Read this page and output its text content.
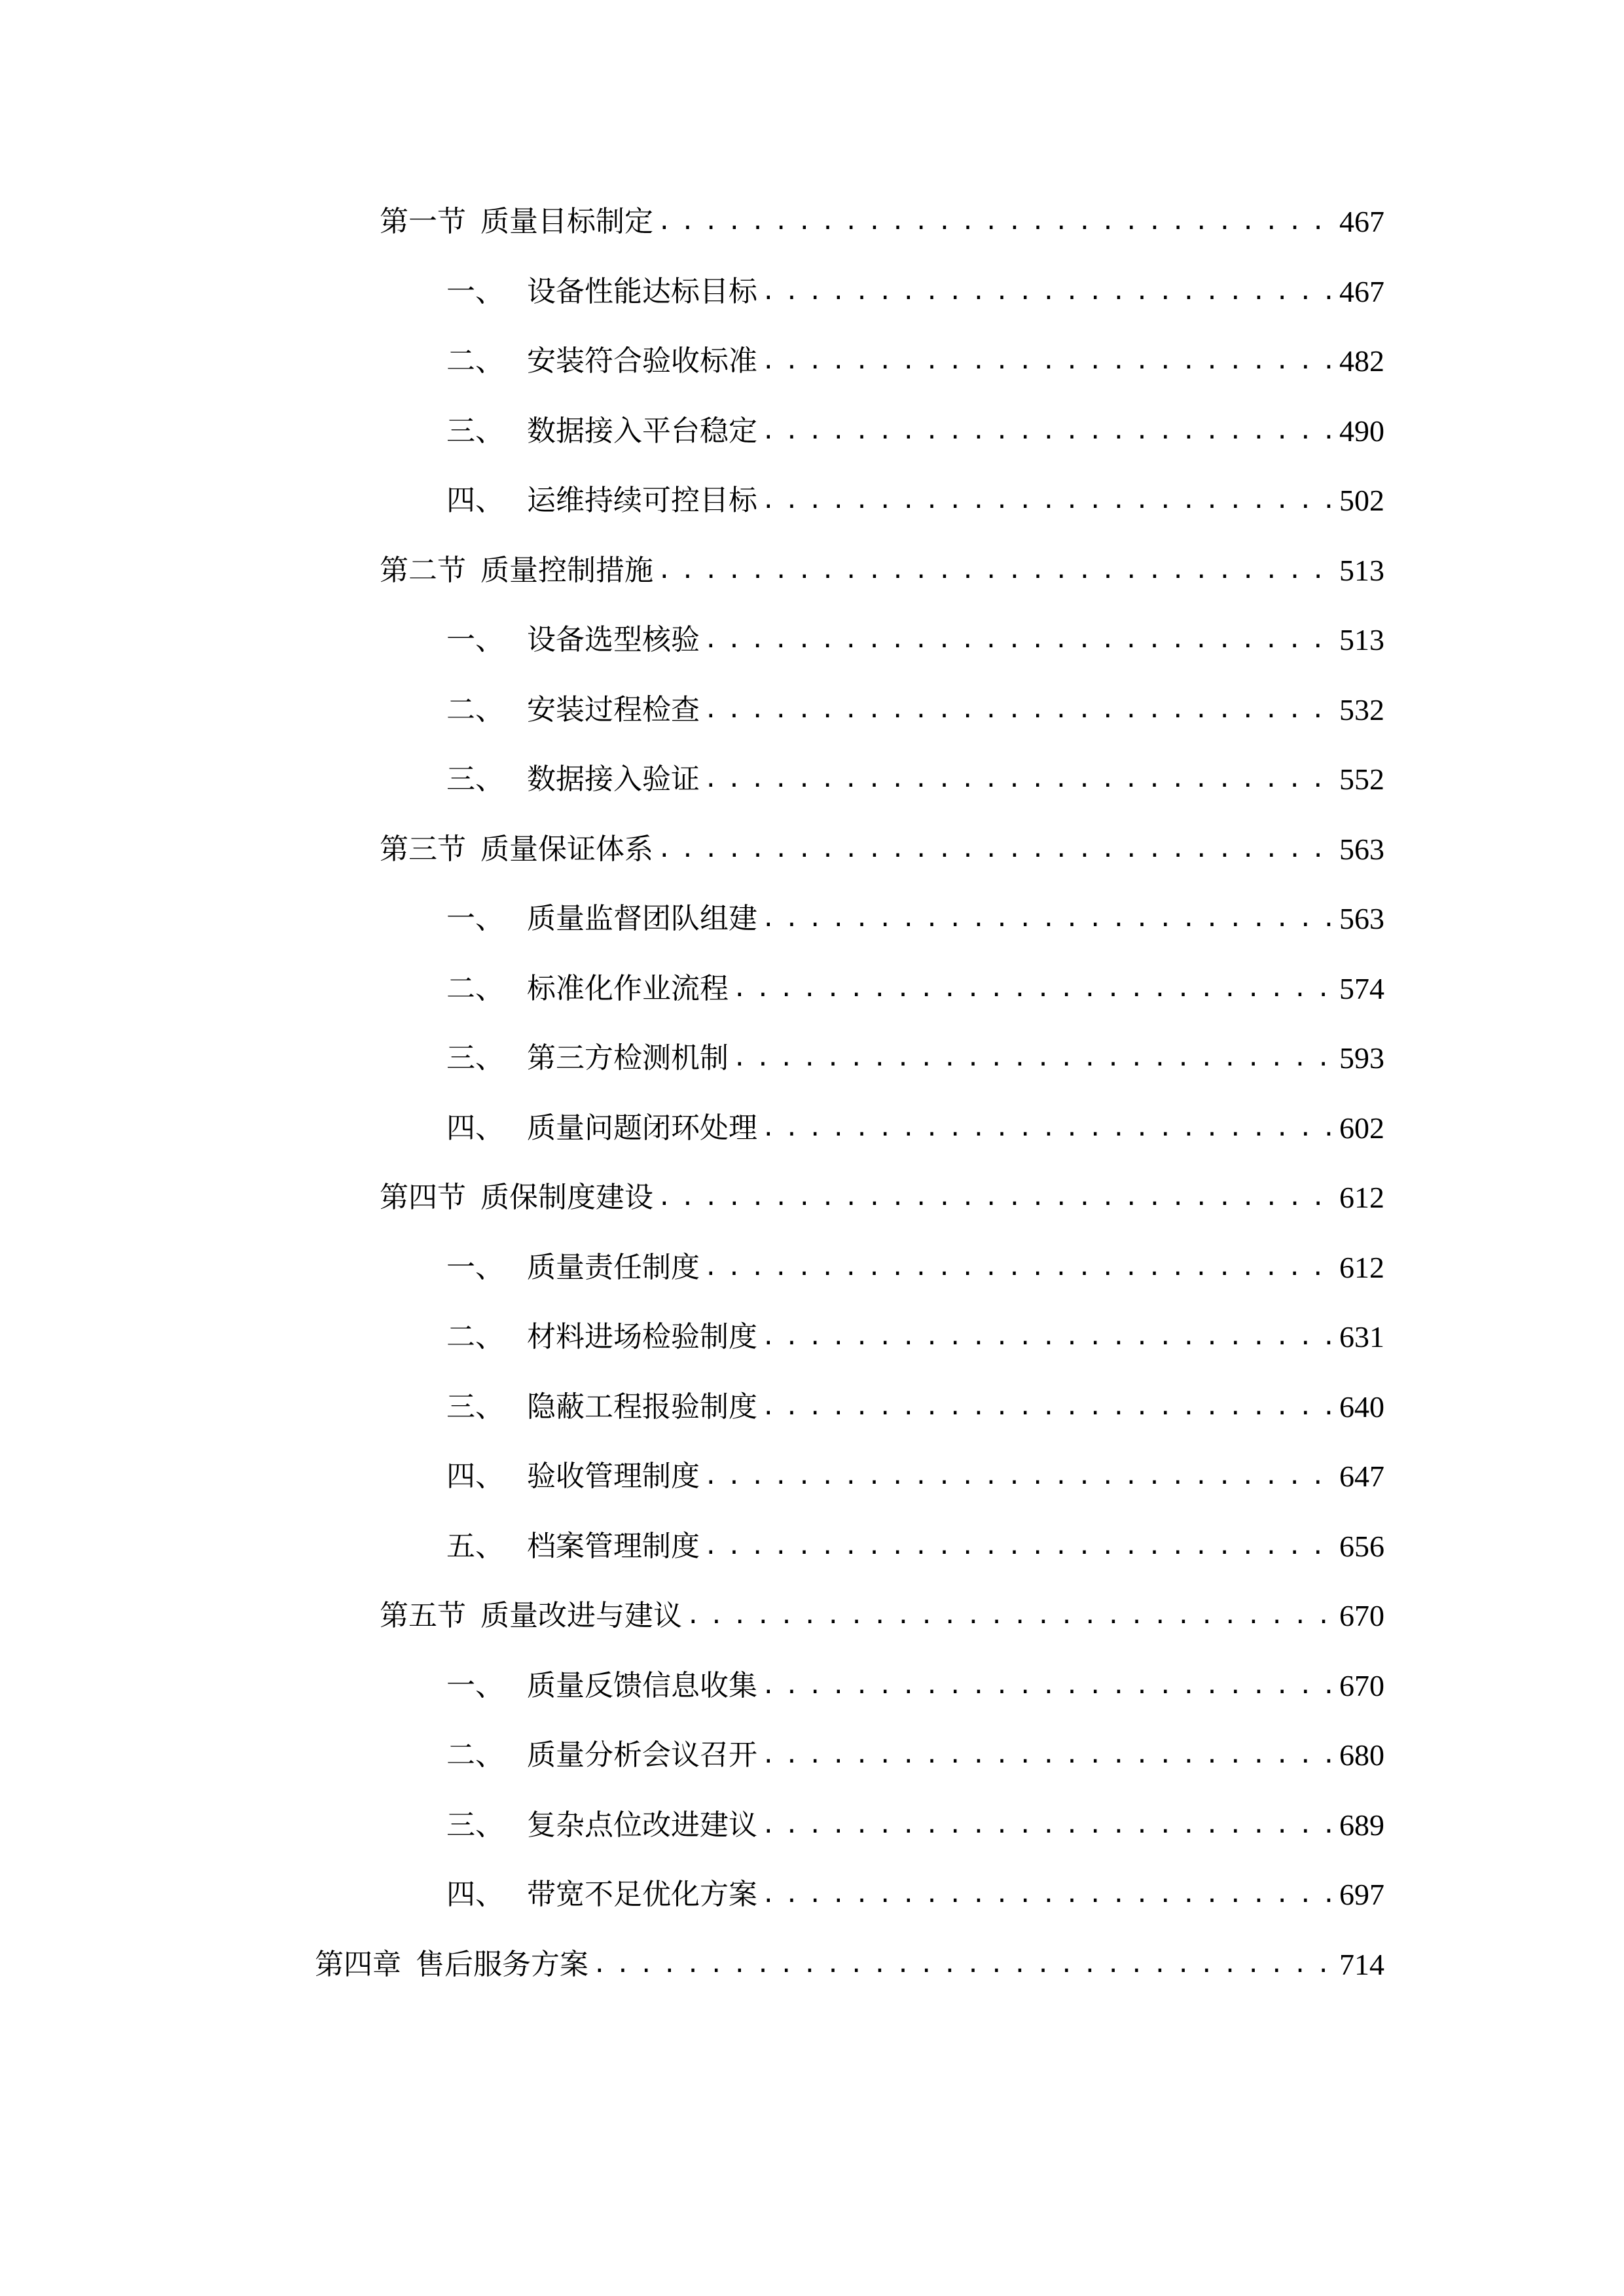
第一节 质量目标制定 .....	467
一、 设备性能达标目标 .....	467
二、 安装符合验收标准 .....	482
三、 数据接入平台稳定 .....	490
四、 运维持续可控目标 .....	502
第二节 质量控制措施 .....	513
一、 设备选型核验 .....	513
二、 安装过程检查 .....	532
三、 数据接入验证 .....	552
第三节 质量保证体系 .....	563
一、 质量监督团队组建 .....	563
二、 标准化作业流程 .....	574
三、 第三方检测机制 .....	593
四、 质量问题闭环处理 .....	602
第四节 质保制度建设 .....	612
一、 质量责任制度 .....	612
二、 材料进场检验制度 .....	631
三、 隐蔽工程报验制度 .....	640
四、 验收管理制度 .....	647
五、 档案管理制度 .....	656
第五节 质量改进与建议 .....	670
一、 质量反馈信息收集 .....	670
二、 质量分析会议召开 .....	680
三、 复杂点位改进建议 .....	689
四、 带宽不足优化方案 .....	697
第四章 售后服务方案 .....	714
